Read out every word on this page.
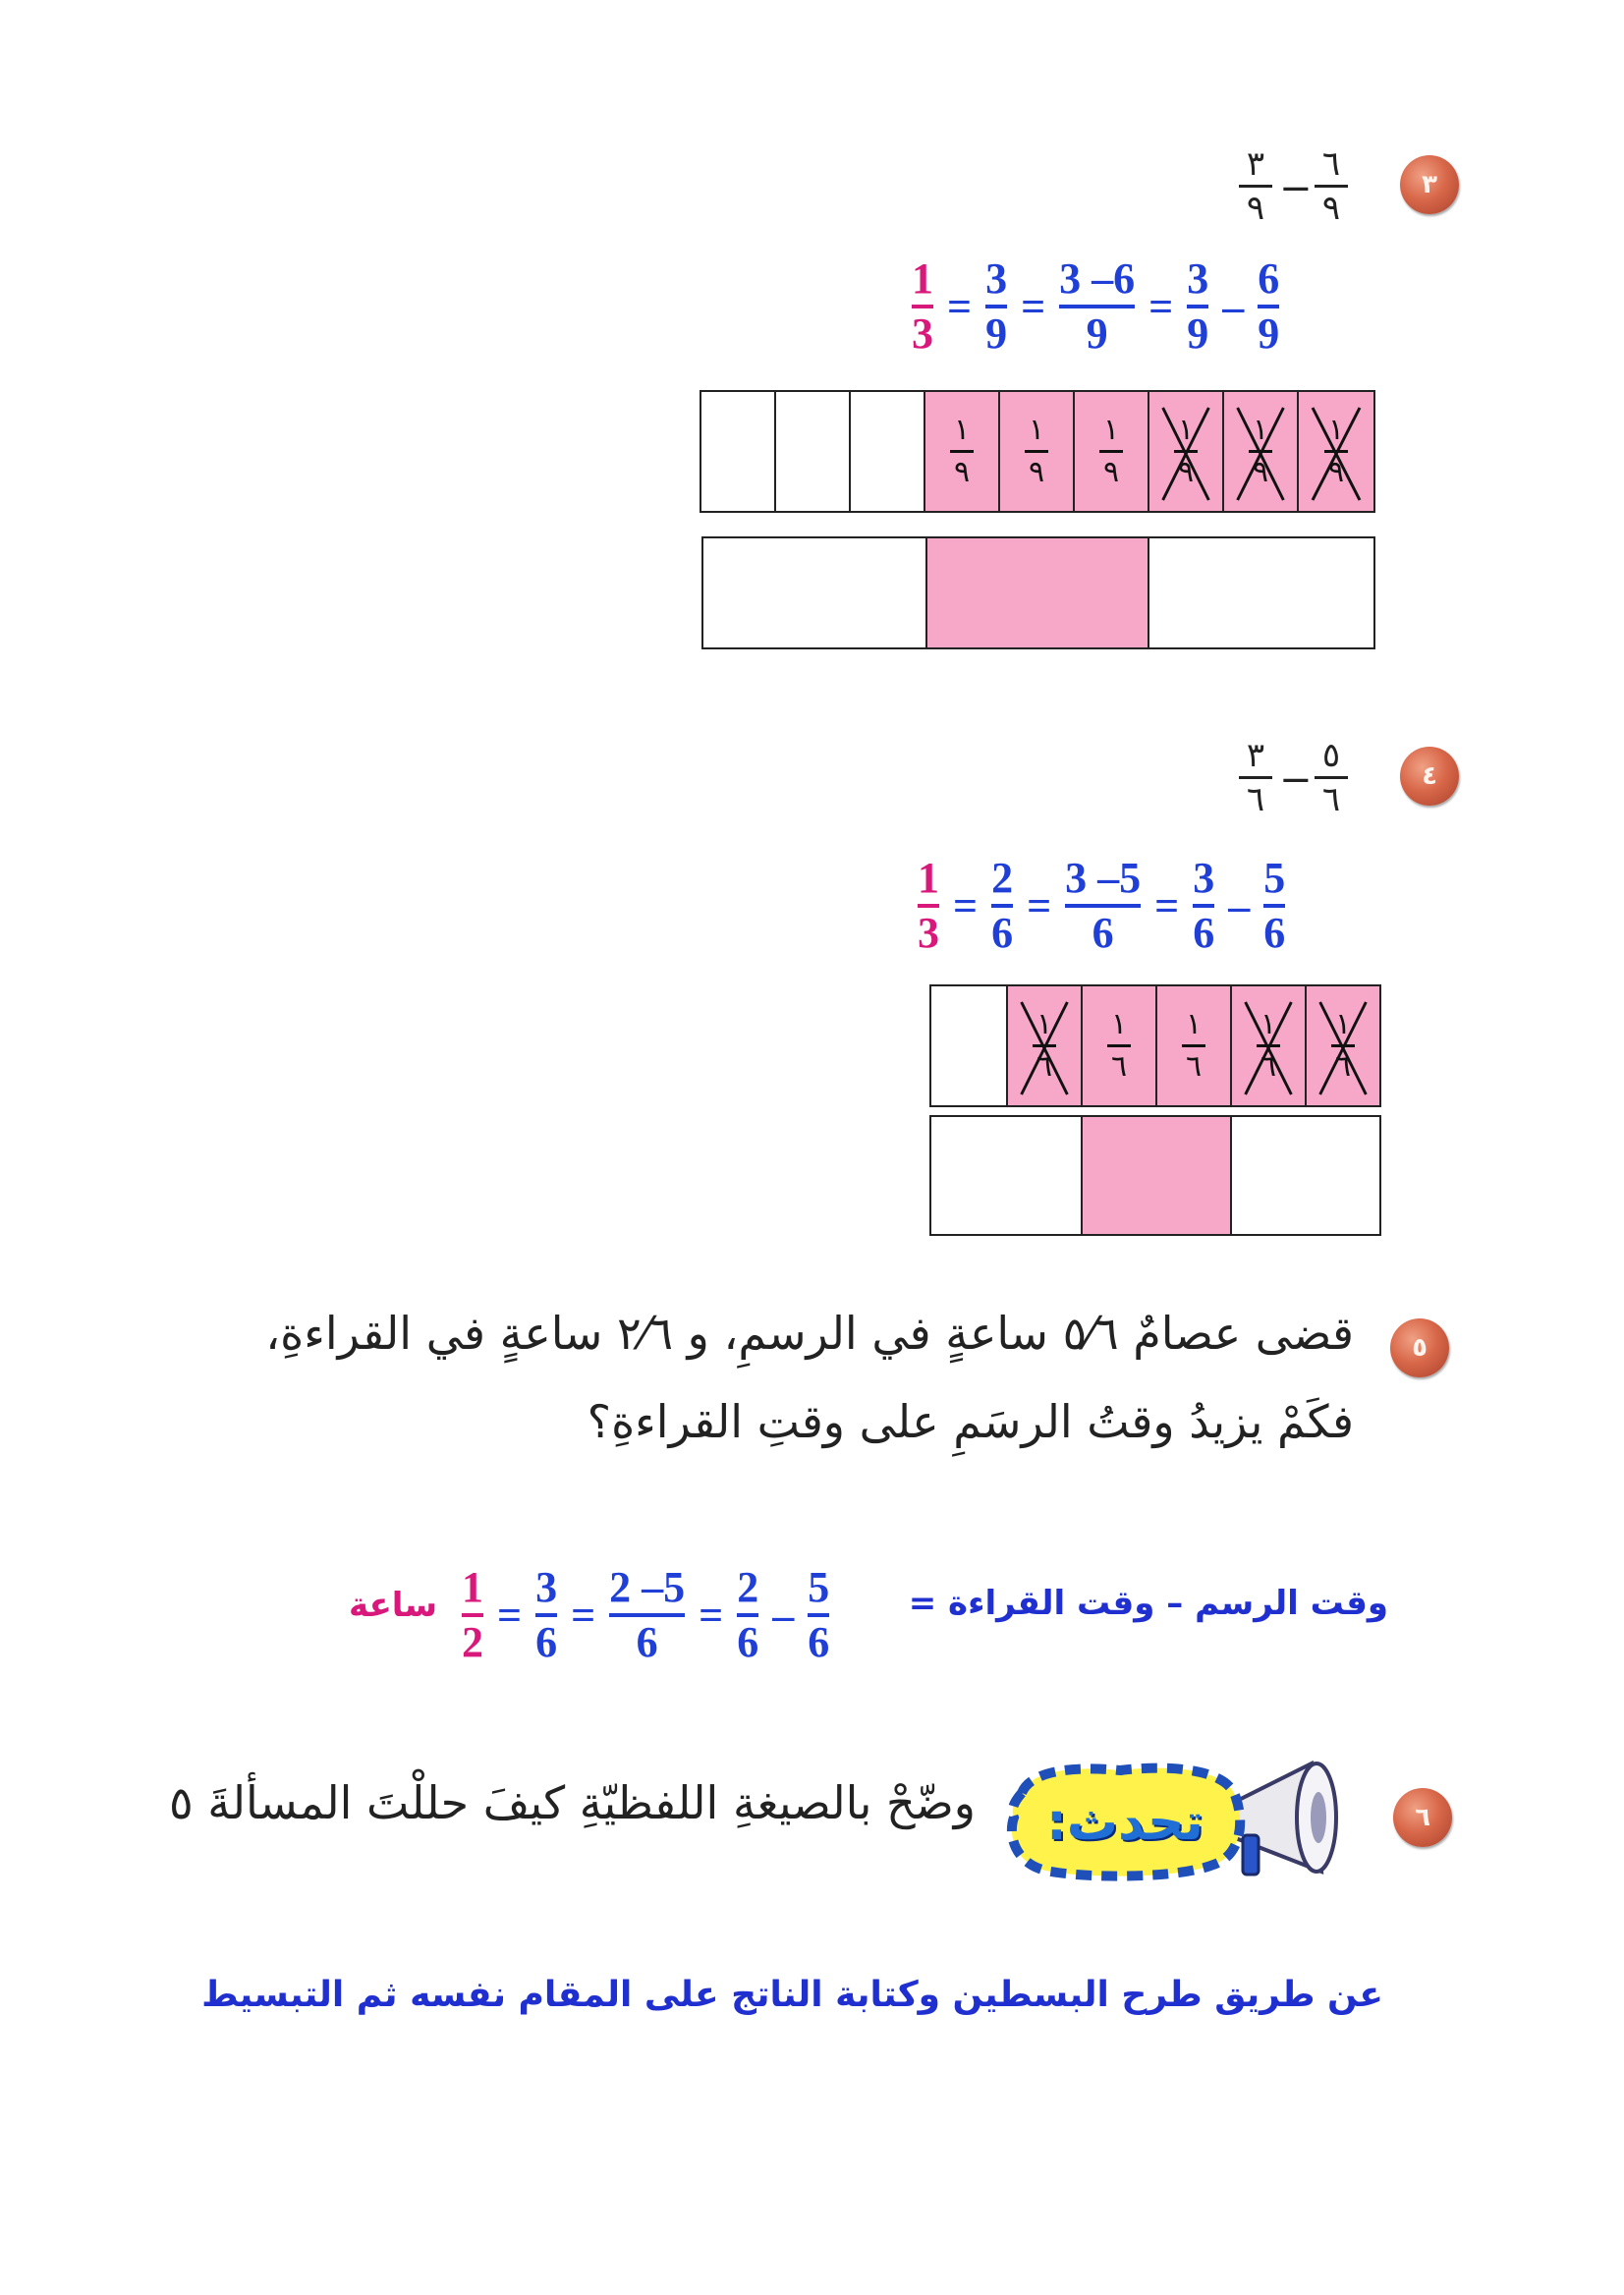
٣
٦
٩
−
٣
٩
1
3
=
3
9
=
3 –6
9
=
3
9
–
6
9
١
٩
١
٩
١
٩
١
٩
١
٩
١
٩
٤
٥
٦
−
٣
٦
1
3
=
2
6
=
3 –5
6
=
3
6
–
5
6
١
٦
١
٦
١
٦
١
٦
١
٦
٥
قضى عصامٌ ٥⁄٦ ساعةٍ في الرسمِ، و ٢⁄٦ ساعةٍ في القراءةِ،
فكَمْ يزيدُ وقتُ الرسَمِ على وقتِ القراءةِ؟
وقت الرسم – وقت القراءة =
1
2
=
3
6
=
2 –5
6
=
2
6
–
5
6
ساعة
٦
تحدث:
وضّحْ بالصيغةِ اللفظيّةِ كيفَ حللْتَ المسألةَ ٥
عن طريق طرح البسطين وكتابة الناتج على المقام نفسه ثم التبسيط
